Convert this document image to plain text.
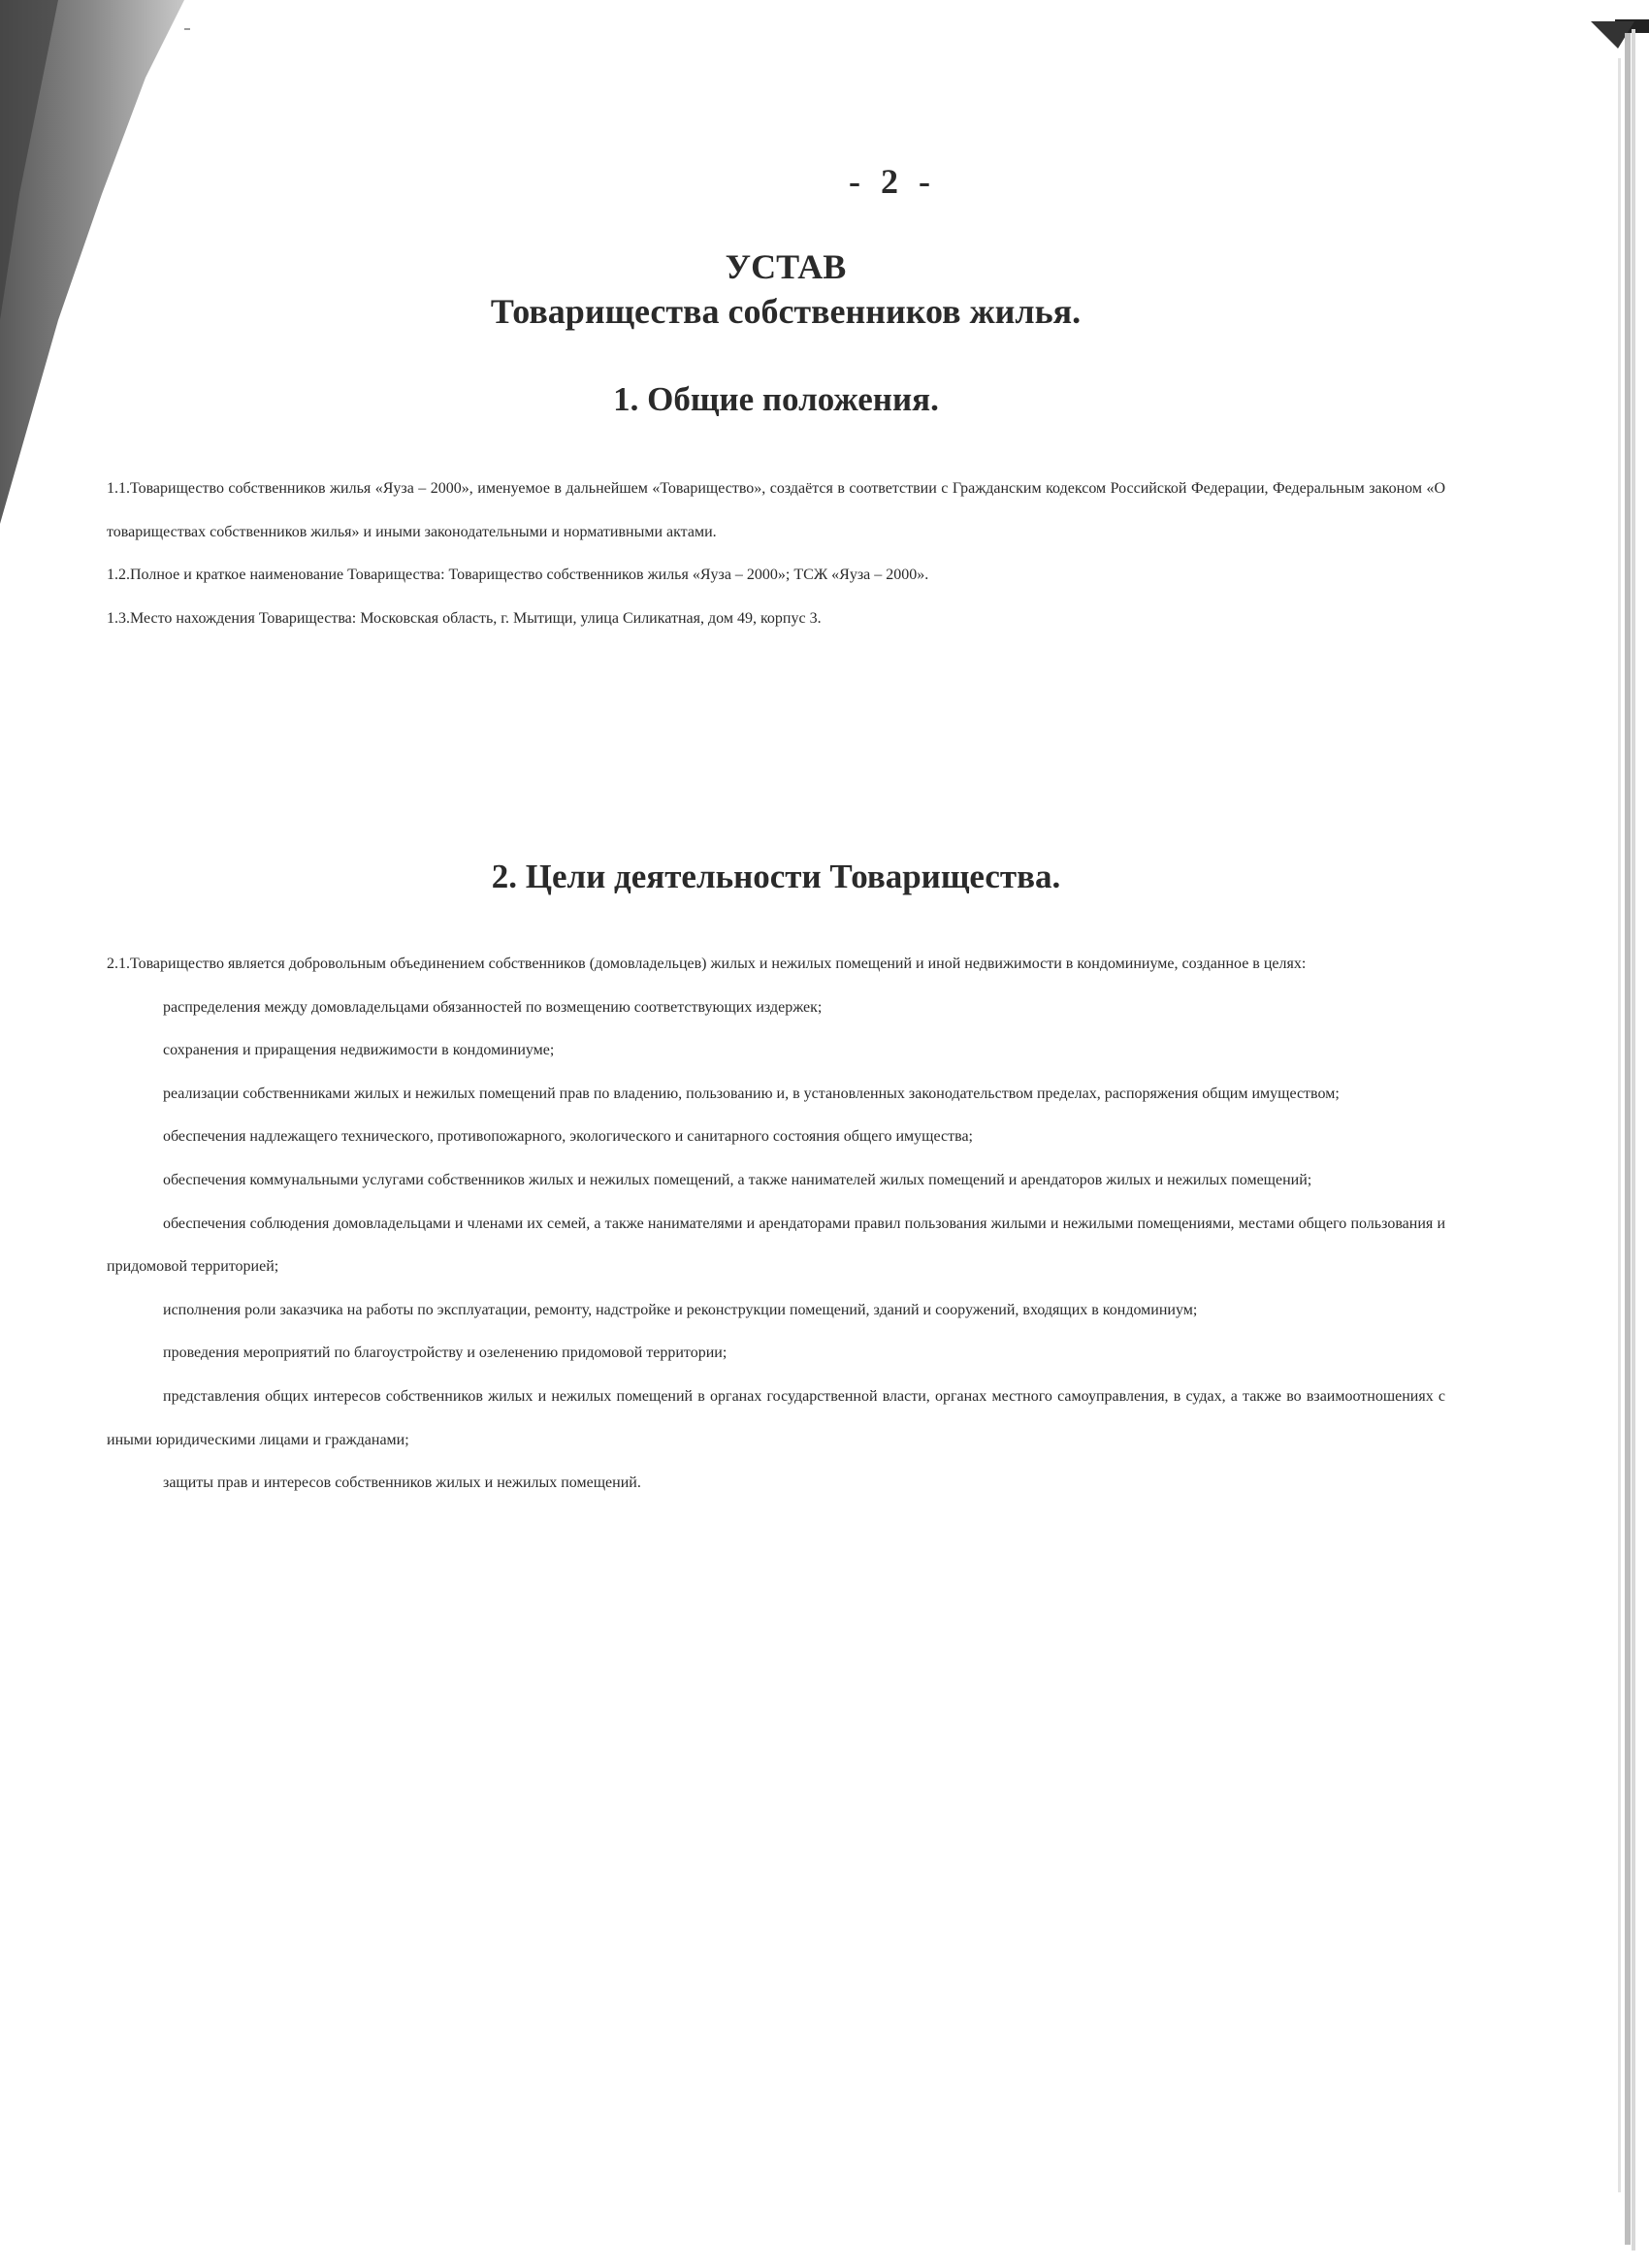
- 2 -
УСТАВ
Товарищества собственников жилья.
1. Общие положения.

1.1.Товарищество собственников жилья «Яуза – 2000», именуемое в дальнейшем «Товарищество», создаётся в соответствии с Гражданским кодексом Российской Федерации, Федеральным законом «О товариществах собственников жилья» и иными законодательными и нормативными актами.

1.2.Полное и краткое наименование Товарищества: Товарищество собственников жилья «Яуза – 2000»; ТСЖ «Яуза – 2000».

1.3.Место нахождения Товарищества: Московская область, г. Мытищи, улица Силикатная, дом 49, корпус 3.

2. Цели деятельности Товарищества.

2.1.Товарищество является добровольным объединением собственников (домовладельцев) жилых и нежилых помещений и иной недвижимости в кондоминиуме, созданное в целях:

распределения между домовладельцами обязанностей по возмещению соответствующих издержек;

сохранения и приращения недвижимости в кондоминиуме;

реализации собственниками жилых и нежилых помещений прав по владению, пользованию и, в установленных законодательством пределах, распоряжения общим имуществом;

обеспечения надлежащего технического, противопожарного, экологического и санитарного состояния общего имущества;

обеспечения коммунальными услугами собственников жилых и нежилых помещений, а также нанимателей жилых помещений и арендаторов жилых и нежилых помещений;

обеспечения соблюдения домовладельцами и членами их семей, а также нанимателями и арендаторами правил пользования жилыми и нежилыми помещениями, местами общего пользования и придомовой территорией;

исполнения роли заказчика на работы по эксплуатации, ремонту, надстройке и реконструкции помещений, зданий и сооружений, входящих в кондоминиум;

проведения мероприятий по благоустройству и озеленению придомовой территории;

представления общих интересов собственников жилых и нежилых помещений в органах государственной власти, органах местного самоуправления, в судах, а также во взаимоотношениях с иными юридическими лицами и гражданами;

защиты прав и интересов собственников жилых и нежилых помещений.
